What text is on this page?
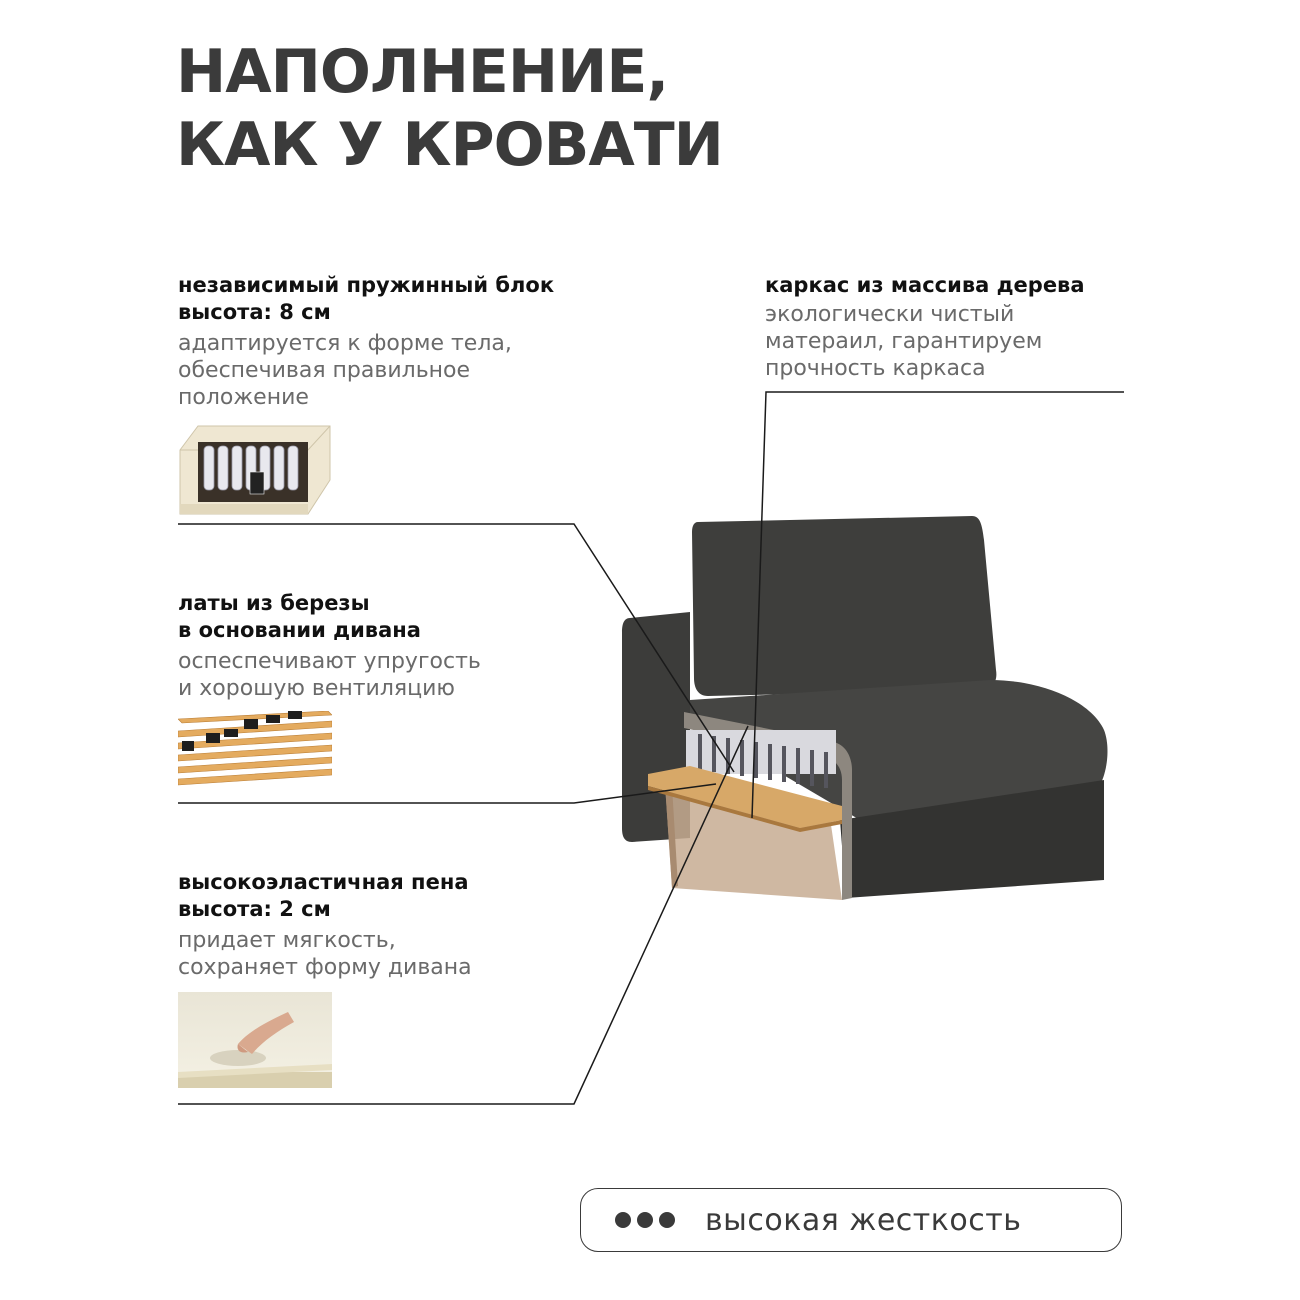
НАПОЛНЕНИЕ,
КАК У КРОВАТИ
независимый пружинный блок
высота: 8 см
адаптируется к форме тела,
обеспечивая правильное
положение
каркас из массива дерева
экологически чистый
матераил, гарантируем
прочность каркаса
латы из березы
в основании дивана
оспеспечивают упругость
и хорошую вентиляцию
высокоэластичная пена
высота: 2 см
придает мягкость,
сохраняет форму дивана
высокая жесткость
